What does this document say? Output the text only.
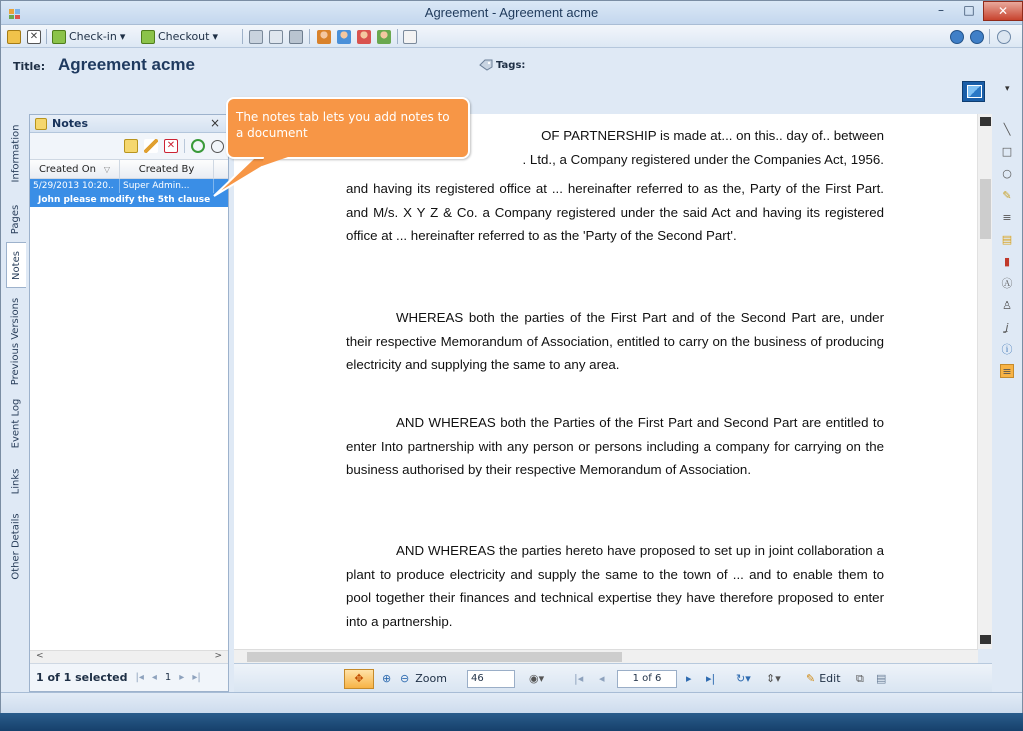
Agreement - Agreement acme	–	□	✕
✕	Check-in ▾	Checkout ▾
Title: Agreement acme	Tags:
▾
Information
Pages
Notes
Previous Versions
Event Log
Links
Other Details
Notes	×
✕
Created On ▽	Created By
5/29/2013 10:20..	Super Admin...
John please modify the 5th clause
<	>
1 of 1 selected |◂ ◂ 1 ▸ ▸|
OF PARTNERSHIP is made at... on this.. day of.. between
. Ltd., a Company registered under the Companies Act, 1956.
and having its registered office at ... hereinafter referred to as the, Party of the First Part. and M/s. X Y Z & Co. a Company registered under the said Act and having its registered office at ... hereinafter referred to as the 'Party of the Second Part'.
WHEREAS both the parties of the First Part and of the Second Part are, under their respective Memorandum of Association, entitled to carry on the business of producing electricity and supplying the same to any area.
AND WHEREAS both the Parties of the First Part and Second Part are entitled to enter Into partnership with any person or persons including a company for carrying on the business authorised by their respective Memorandum of Association.
AND WHEREAS the parties hereto have proposed to set up in joint collaboration a plant to produce electricity and supply the same to the town of ... and to enable them to pool together their finances and technical expertise they have therefore proposed to enter into a partnership.
✥	⊕ ⊖ Zoom	46	◉▾	|◂ ◂	1 of 6	▸ ▸| ↻▾ ⇕▾ ✎ Edit ⧉ ▤
╲
□
○
✎
≡
▤
▮
Ⓐ
♙
ʝ
ⓘ
≡
The notes tab lets you add notes to a document
